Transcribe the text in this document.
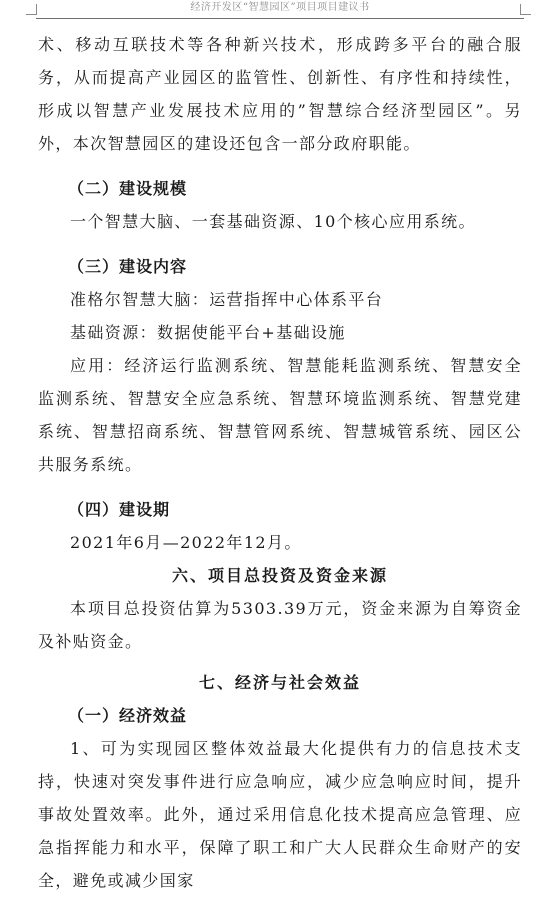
经济开发区“智慧园区”项目项目建议书

术、移动互联技术等各种新兴技术，形成跨多平台的融合服务，从而提高产业园区的监管性、创新性、有序性和持续性，形成以智慧产业发展技术应用的”智慧综合经济型园区”。另外，本次智慧园区的建设还包含一部分政府职能。

（二）建设规模

一个智慧大脑、一套基础资源、10个核心应用系统。

（三）建设内容

准格尔智慧大脑：运营指挥中心体系平台

基础资源：数据使能平台+基础设施

应用：经济运行监测系统、智慧能耗监测系统、智慧安全监测系统、智慧安全应急系统、智慧环境监测系统、智慧党建系统、智慧招商系统、智慧管网系统、智慧城管系统、园区公共服务系统。

（四）建设期

2021年6月—2022年12月。

六、项目总投资及资金来源

本项目总投资估算为5303.39万元，资金来源为自筹资金及补贴资金。

七、经济与社会效益

（一）经济效益

1、可为实现园区整体效益最大化提供有力的信息技术支持，快速对突发事件进行应急响应，减少应急响应时间，提升事故处置效率。此外，通过采用信息化技术提高应急管理、应急指挥能力和水平，保障了职工和广大人民群众生命财产的安全，避免或减少国家
